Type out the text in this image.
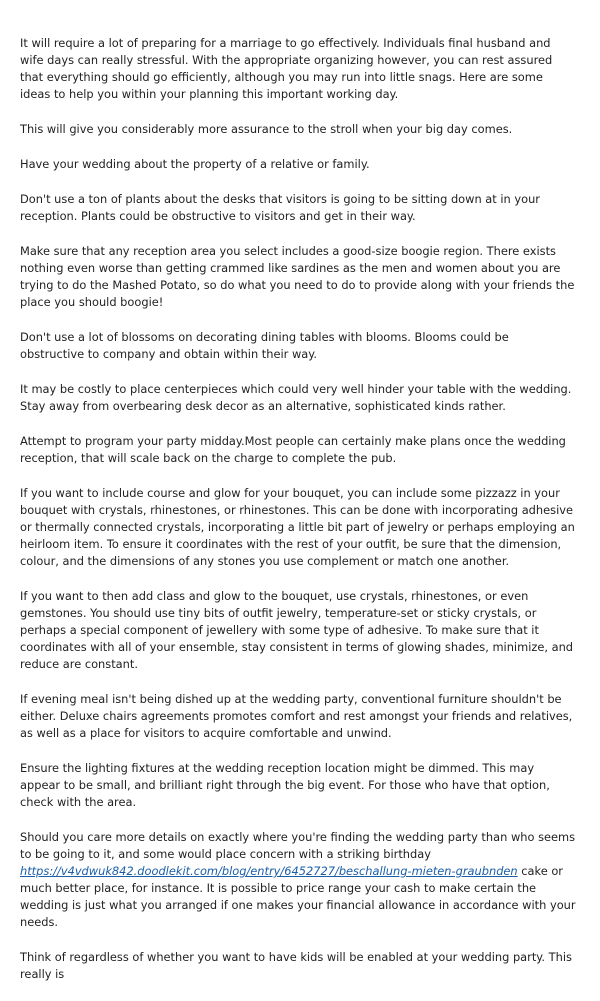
It will require a lot of preparing for a marriage to go effectively. Individuals final husband and wife days can really stressful. With the appropriate organizing however, you can rest assured that everything should go efficiently, although you may run into little snags. Here are some ideas to help you within your planning this important working day.

This will give you considerably more assurance to the stroll when your big day comes.

Have your wedding about the property of a relative or family.

Don't use a ton of plants about the desks that visitors is going to be sitting down at in your reception. Plants could be obstructive to visitors and get in their way.

Make sure that any reception area you select includes a good-size boogie region. There exists nothing even worse than getting crammed like sardines as the men and women about you are trying to do the Mashed Potato, so do what you need to do to provide along with your friends the place you should boogie!

Don't use a lot of blossoms on decorating dining tables with blooms. Blooms could be obstructive to company and obtain within their way.

It may be costly to place centerpieces which could very well hinder your table with the wedding. Stay away from overbearing desk decor as an alternative, sophisticated kinds rather.

Attempt to program your party midday.Most people can certainly make plans once the wedding reception, that will scale back on the charge to complete the pub.

If you want to include course and glow for your bouquet, you can include some pizzazz in your bouquet with crystals, rhinestones, or rhinestones. This can be done with incorporating adhesive or thermally connected crystals, incorporating a little bit part of jewelry or perhaps employing an heirloom item. To ensure it coordinates with the rest of your outfit, be sure that the dimension, colour, and the dimensions of any stones you use complement or match one another.

If you want to then add class and glow to the bouquet, use crystals, rhinestones, or even gemstones. You should use tiny bits of outfit jewelry, temperature-set or sticky crystals, or perhaps a special component of jewellery with some type of adhesive. To make sure that it coordinates with all of your ensemble, stay consistent in terms of glowing shades, minimize, and reduce are constant.

If evening meal isn't being dished up at the wedding party, conventional furniture shouldn't be either. Deluxe chairs agreements promotes comfort and rest amongst your friends and relatives, as well as a place for visitors to acquire comfortable and unwind.

Ensure the lighting fixtures at the wedding reception location might be dimmed. This may appear to be small, and brilliant right through the big event. For those who have that option, check with the area.

Should you care more details on exactly where you're finding the wedding party than who seems to be going to it, and some would place concern with a striking birthday https://v4vdwuk842.doodlekit.com/blog/entry/6452727/beschallung-mieten-graubnden cake or much better place, for instance. It is possible to price range your cash to make certain the wedding is just what you arranged if one makes your financial allowance in accordance with your needs.

Think of regardless of whether you want to have kids will be enabled at your wedding party. This really is
